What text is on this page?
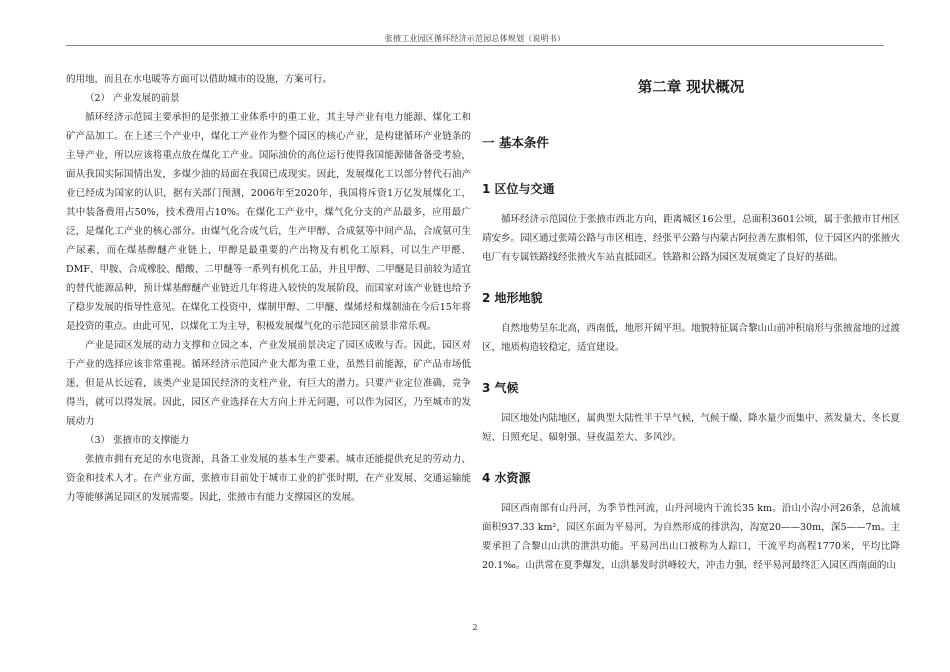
张掖工业园区循环经济示范园总体规划（说明书）

的用地，而且在水电暖等方面可以借助城市的设施，方案可行。

（2） 产业发展的前景

循环经济示范园主要承担的是张掖工业体系中的重工业，其主导产业有电力能源、煤化工和矿产品加工。在上述三个产业中，煤化工产业作为整个园区的核心产业，是构建循环产业链条的主导产业，所以应该将重点放在煤化工产业。国际油价的高位运行使得我国能源储备备受考验，面从我国实际国情出发，多煤少油的局面在我国已成现实。因此，发展煤化工以部分替代石油产业已经成为国家的认识，据有关部门预测，2006年至2020年，我国将斥资1万亿发展煤化工，其中装备费用占50%，技术费用占10%。在煤化工产业中，煤气化分支的产品最多，应用最广泛，是煤化工产业的核心部分。由煤气化合成气后，生产甲醇、合成氨等中间产品，合成氨可生产尿素，而在煤基醇醚产业链上，甲醇是最重要的产出物及有机化工原料，可以生产甲醛、DMF、甲胺、合成橡胶、醋酸、二甲醚等一系列有机化工品，并且甲醇、二甲醚是目前较为适宜的替代能源品种，预计煤基醇醚产业链近几年将进入较快的发展阶段，而国家对该产业链也给予了稳步发展的指导性意见。在煤化工投资中，煤制甲醇、二甲醚、煤烯烃和煤制油在今后15年将是投资的重点。由此可见，以煤化工为主导，积极发展煤气化的示范园区前景非常乐观。

产业是园区发展的动力支撑和立园之本，产业发展前景决定了园区成败与否。因此，园区对于产业的选择应该非常重视。循环经济示范园产业大都为重工业，虽然目前能源，矿产品市场低迷，但是从长远看，该类产业是国民经济的支柱产业，有巨大的潜力。只要产业定位准确，竞争得当，就可以得发展。因此，园区产业选择在大方向上并无问题，可以作为园区，乃至城市的发展动力

（3） 张掖市的支撑能力

张掖市拥有充足的水电资源，具备工业发展的基本生产要素。城市还能提供充足的劳动力、资金和技术人才。在产业方面，张掖市目前处于城市工业的扩张时期，在产业发展、交通运输能力等能够满足园区的发展需要。因此，张掖市有能力支撑园区的发展。

第二章 现状概况
一 基本条件
1 区位与交通

循环经济示范园位于张掖市西北方向，距离城区16公里，总面积3601公顷，属于张掖市甘州区靖安乡。园区通过张靖公路与市区相连，经张平公路与内蒙古阿拉善左旗相邻，位于园区内的张掖火电厂有专属铁路线经张掖火车站直抵园区。铁路和公路为园区发展奠定了良好的基础。

2 地形地貌

自然地势呈东北高，西南低，地形开阔平坦。地貌特征属合黎山山前冲积扇形与张掖盆地的过渡区，地质构造较稳定，适宜建设。

3 气候

园区地处内陆地区，属典型大陆性半干旱气候，气候干燥、降水量少而集中、蒸发量大、冬长夏短、日照充足、辐射强、昼夜温差大、多风沙。

4 水资源

园区西南部有山丹河，为季节性河流，山丹河境内干流长35 km。沿山小沟小河26条，总流域面积937.33 km²，园区东面为平易河，为自然形成的排洪沟，沟宽20——30m，深5——7m。主要承担了合黎山山洪的泄洪功能。平易河出山口被称为人踪口，干流平均高程1770米，平均比降20.1‰。山洪常在夏季爆发，山洪暴发时洪峰较大，冲击力强，经平易河最终汇入园区西南面的山

2
